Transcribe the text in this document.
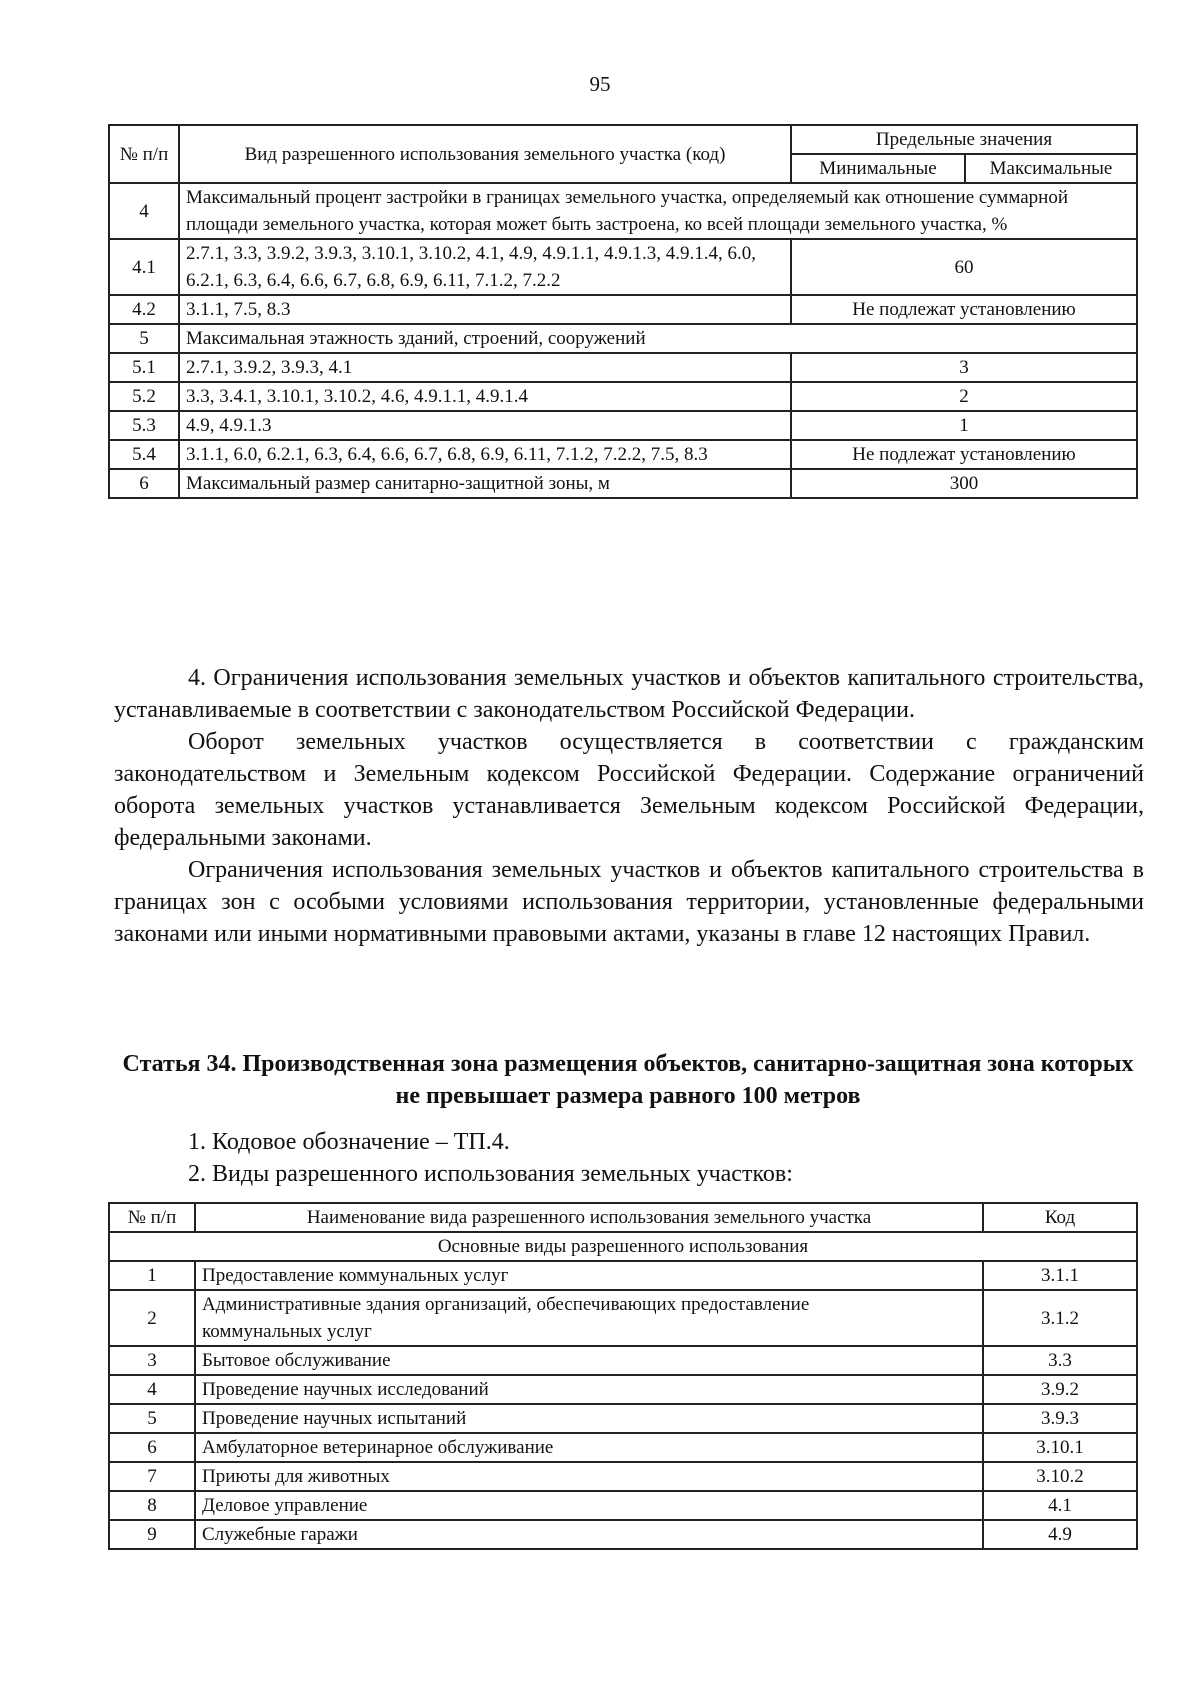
95
№ п/п	Вид разрешенного использования земельного участка (код)	Предельные значения	
		Минимальные	Максимальные
4	Максимальный процент застройки в границах земельного участка, определяемый как отношение суммарной площади земельного участка, которая может быть застроена, ко всей площади земельного участка, %		
4.1	2.7.1, 3.3, 3.9.2, 3.9.3, 3.10.1, 3.10.2, 4.1, 4.9, 4.9.1.1, 4.9.1.3, 4.9.1.4, 6.0, 6.2.1, 6.3, 6.4, 6.6, 6.7, 6.8, 6.9, 6.11, 7.1.2, 7.2.2	60	
4.2	3.1.1, 7.5, 8.3	Не подлежат установлению	
5	Максимальная этажность зданий, строений, сооружений		
5.1	2.7.1, 3.9.2, 3.9.3, 4.1	3	
5.2	3.3, 3.4.1, 3.10.1, 3.10.2, 4.6, 4.9.1.1, 4.9.1.4	2	
5.3	4.9, 4.9.1.3	1	
5.4	3.1.1, 6.0, 6.2.1, 6.3, 6.4, 6.6, 6.7, 6.8, 6.9, 6.11, 7.1.2, 7.2.2, 7.5, 8.3	Не подлежат установлению	
6	Максимальный размер санитарно-защитной зоны, м	300	

4. Ограничения использования земельных участков и объектов капитального строительства, устанавливаемые в соответствии с законодательством Российской Федерации.

Оборот земельных участков осуществляется в соответствии с гражданским законодательством и Земельным кодексом Российской Федерации. Содержание ограничений оборота земельных участков устанавливается Земельным кодексом Российской Федерации, федеральными законами.

Ограничения использования земельных участков и объектов капитального строительства в границах зон с особыми условиями использования территории, установленные федеральными законами или иными нормативными правовыми актами, указаны в главе 12 настоящих Правил.

Статья 34. Производственная зона размещения объектов, санитарно-защитная зона которых не превышает размера равного 100 метров
1. Кодовое обозначение – ТП.4.
2. Виды разрешенного использования земельных участков:
№ п/п	Наименование вида разрешенного использования земельного участка	Код
Основные виды разрешенного использования		
1	Предоставление коммунальных услуг	3.1.1
2	Административные здания организаций, обеспечивающих предоставление коммунальных услуг	3.1.2
3	Бытовое обслуживание	3.3
4	Проведение научных исследований	3.9.2
5	Проведение научных испытаний	3.9.3
6	Амбулаторное ветеринарное обслуживание	3.10.1
7	Приюты для животных	3.10.2
8	Деловое управление	4.1
9	Служебные гаражи	4.9
